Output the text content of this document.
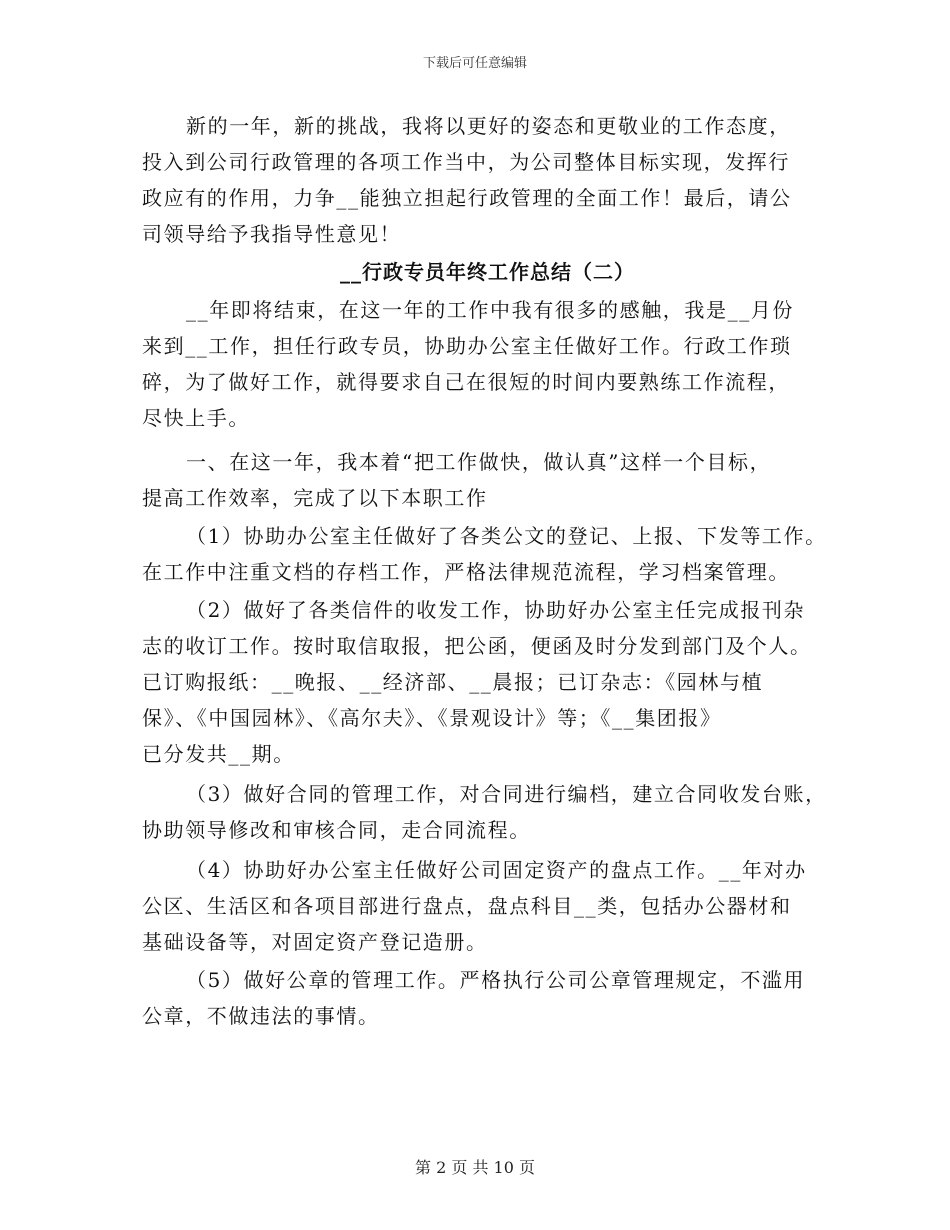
下载后可任意编辑
新的一年，新的挑战，我将以更好的姿态和更敬业的工作态度，
投入到公司行政管理的各项工作当中，为公司整体目标实现，发挥行
政应有的作用，力争__能独立担起行政管理的全面工作！最后，请公
司领导给予我指导性意见！
__行政专员年终工作总结（二）
__年即将结束，在这一年的工作中我有很多的感触，我是__月份
来到__工作，担任行政专员，协助办公室主任做好工作。行政工作琐
碎，为了做好工作，就得要求自己在很短的时间内要熟练工作流程，
尽快上手。
一、在这一年，我本着“把工作做快，做认真”这样一个目标，
提高工作效率，完成了以下本职工作
（1）协助办公室主任做好了各类公文的登记、上报、下发等工作。
在工作中注重文档的存档工作，严格法律规范流程，学习档案管理。
（2）做好了各类信件的收发工作，协助好办公室主任完成报刊杂
志的收订工作。按时取信取报，把公函，便函及时分发到部门及个人。
已订购报纸：__晚报、__经济部、__晨报；已订杂志：《园林与植
保》、《中国园林》、《高尔夫》、《景观设计》等；《__集团报》
已分发共__期。
（3）做好合同的管理工作，对合同进行编档，建立合同收发台账，
协助领导修改和审核合同，走合同流程。
（4）协助好办公室主任做好公司固定资产的盘点工作。__年对办
公区、生活区和各项目部进行盘点，盘点科目__类，包括办公器材和
基础设备等，对固定资产登记造册。
（5）做好公章的管理工作。严格执行公司公章管理规定，不滥用
公章，不做违法的事情。
第 2 页 共 10 页
